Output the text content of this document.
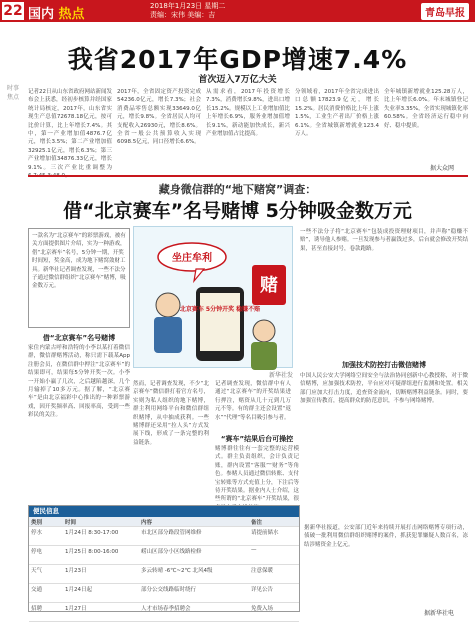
22 国内 热点
2018年1月23日 星期二
责编：宋伟 美编：吉	青岛早报
时事焦点
我省2017年GDP增速7.4%
首次迈入7万亿大关
记者22日从山东省政府网站新闻发布会上获悉，经初步核算并经国家统计局核定，2017年，山东省实现生产总值72678.18亿元，按可比价计算，比上年增长7.4%。其中，第一产业增加值4876.7亿元，增长3.5%；第二产业增加值32925.1亿元，增长6.3%；第三产业增加值34876.33亿元，增长9.1%。三次产业比重调整为
2017年，全省固定资产投资完成54236.0亿元，增长7.3%；社会消费品零售总额实现33649.0亿元，增长9.8%。全省居民人均可支配收入26930元，增长8.6%。全省一般公共预算收入实现6098.5亿元，同口径增长6.6%。
从需求看，2017年投资增长7.3%，消费增长9.8%，进出口增长15.2%。规模以上工业增加值比上年增长6.9%，服务业增加值增长9.1%，新动能加快成长，新兴产业增加值占比提高。
分领域看，2017年全省完成进出口总额17823.9亿元，增长15.2%。居民消费价格比上年上涨1.5%，工业生产者出厂价格上涨6.1%。全省城镇新增就业123.4万人。
全年城镇新增就业125.28万人，比上年增长6.0%。年末城镇登记失业率3.35%，全省实现城镇化率60.58%。全省经济运行稳中向好、稳中提质。
据大众网
藏身微信群的“地下赌窝”调查：
借“北京赛车”名号赌博 5分钟吸金数万元
一款名为“北京赛车”的彩票游戏，被有关方面提供图片介绍，实为一种游戏，借“北京赛车”名号，5分钟一期，开奖时间短，奖金高，成为地下赌窝敛财工具。新华社记者调查发现，一些不法分子通过微信群组织“北京赛车”赌博，吸金数万元。
借“北京赛车”名号赌博
家住内蒙古呼和浩特的小李以某打着微信群，微信群赌博活动，称只需下载某App注册会员，在微信群中押注“北京赛车”的结果即可，结果每5分钟开奖一次。小李一开始小赢了几次，之后越陷越深，几个月输掉了10多万元。据了解，“北京赛车”是由北京福彩中心推出的一种彩票游戏，因开奖频率高、回报率高，受到一些彩民的关注。
坐庄牟利
北京赛车 5分钟开奖 稳赚不赔
赌
新华社发
然而，记者调查发现，不少“北京赛车”微信群打着官方名号，实则为私人组织的地下赌博，群主利用网络平台和微信群组织赌博，从中抽成获利。一些赌博群还采用“拉人头”方式发展下线，形成了一条完整的利益链条。
记者调查发现，微信群中有人通过“北京赛车”的开奖结果进行押注，赌资从几十元到几万元不等。有的群主还会设置“返水”“代理”等名目吸引参与者。
“赛车”结果后台可操控
赌博群往往有一套完整的运营模式。群主负责组织，会计负责记账，群内设置“客服”“财务”等角色。参赌人员通过微信转账、支付宝转账等方式充值上分，下注后等待开奖结果。据业内人士介绍，这些所谓的“北京赛车”开奖结果，很
一些不法分子将“北京赛车”包装成投资理财项目，并声称“稳赚不赔”，诱导他人参赌。一旦发现参与者赢钱过多，后台就会修改开奖结果，甚至直接封号，卷款跑路。
加强技术防控打击微信赌博
中国人民公安大学网络空间安全与法治协同创新中心教授称，对于微信赌博，应加强技术防控，平台应对可疑群组进行监测和处置。相关部门应加大打击力度，追查资金流向，切断赌博利益链条。同时，要加强宣传教育，提高群众的防范意识，不参与网络赌博。
据新华社报道，公安部门近年来持续开展打击网络赌博专项行动，侦破一批利用微信群组织赌博的案件，抓获犯罪嫌疑人数百名，冻结涉赌资金上亿元。
据新华社电
便民信息
类别	时间	内容	备注
停水	1月24日 8:30-17:00	市北区部分路段管网维修	请提前储水
停电	1月25日 8:00-16:00	崂山区部分小区线路检修	—
天气	1月23日	多云转晴 -6℃~2℃ 北风4级	注意保暖
交通	1月24日起	部分公交线路临时绕行	详见公告
招聘	1月27日	人才市场春季招聘会	免费入场
